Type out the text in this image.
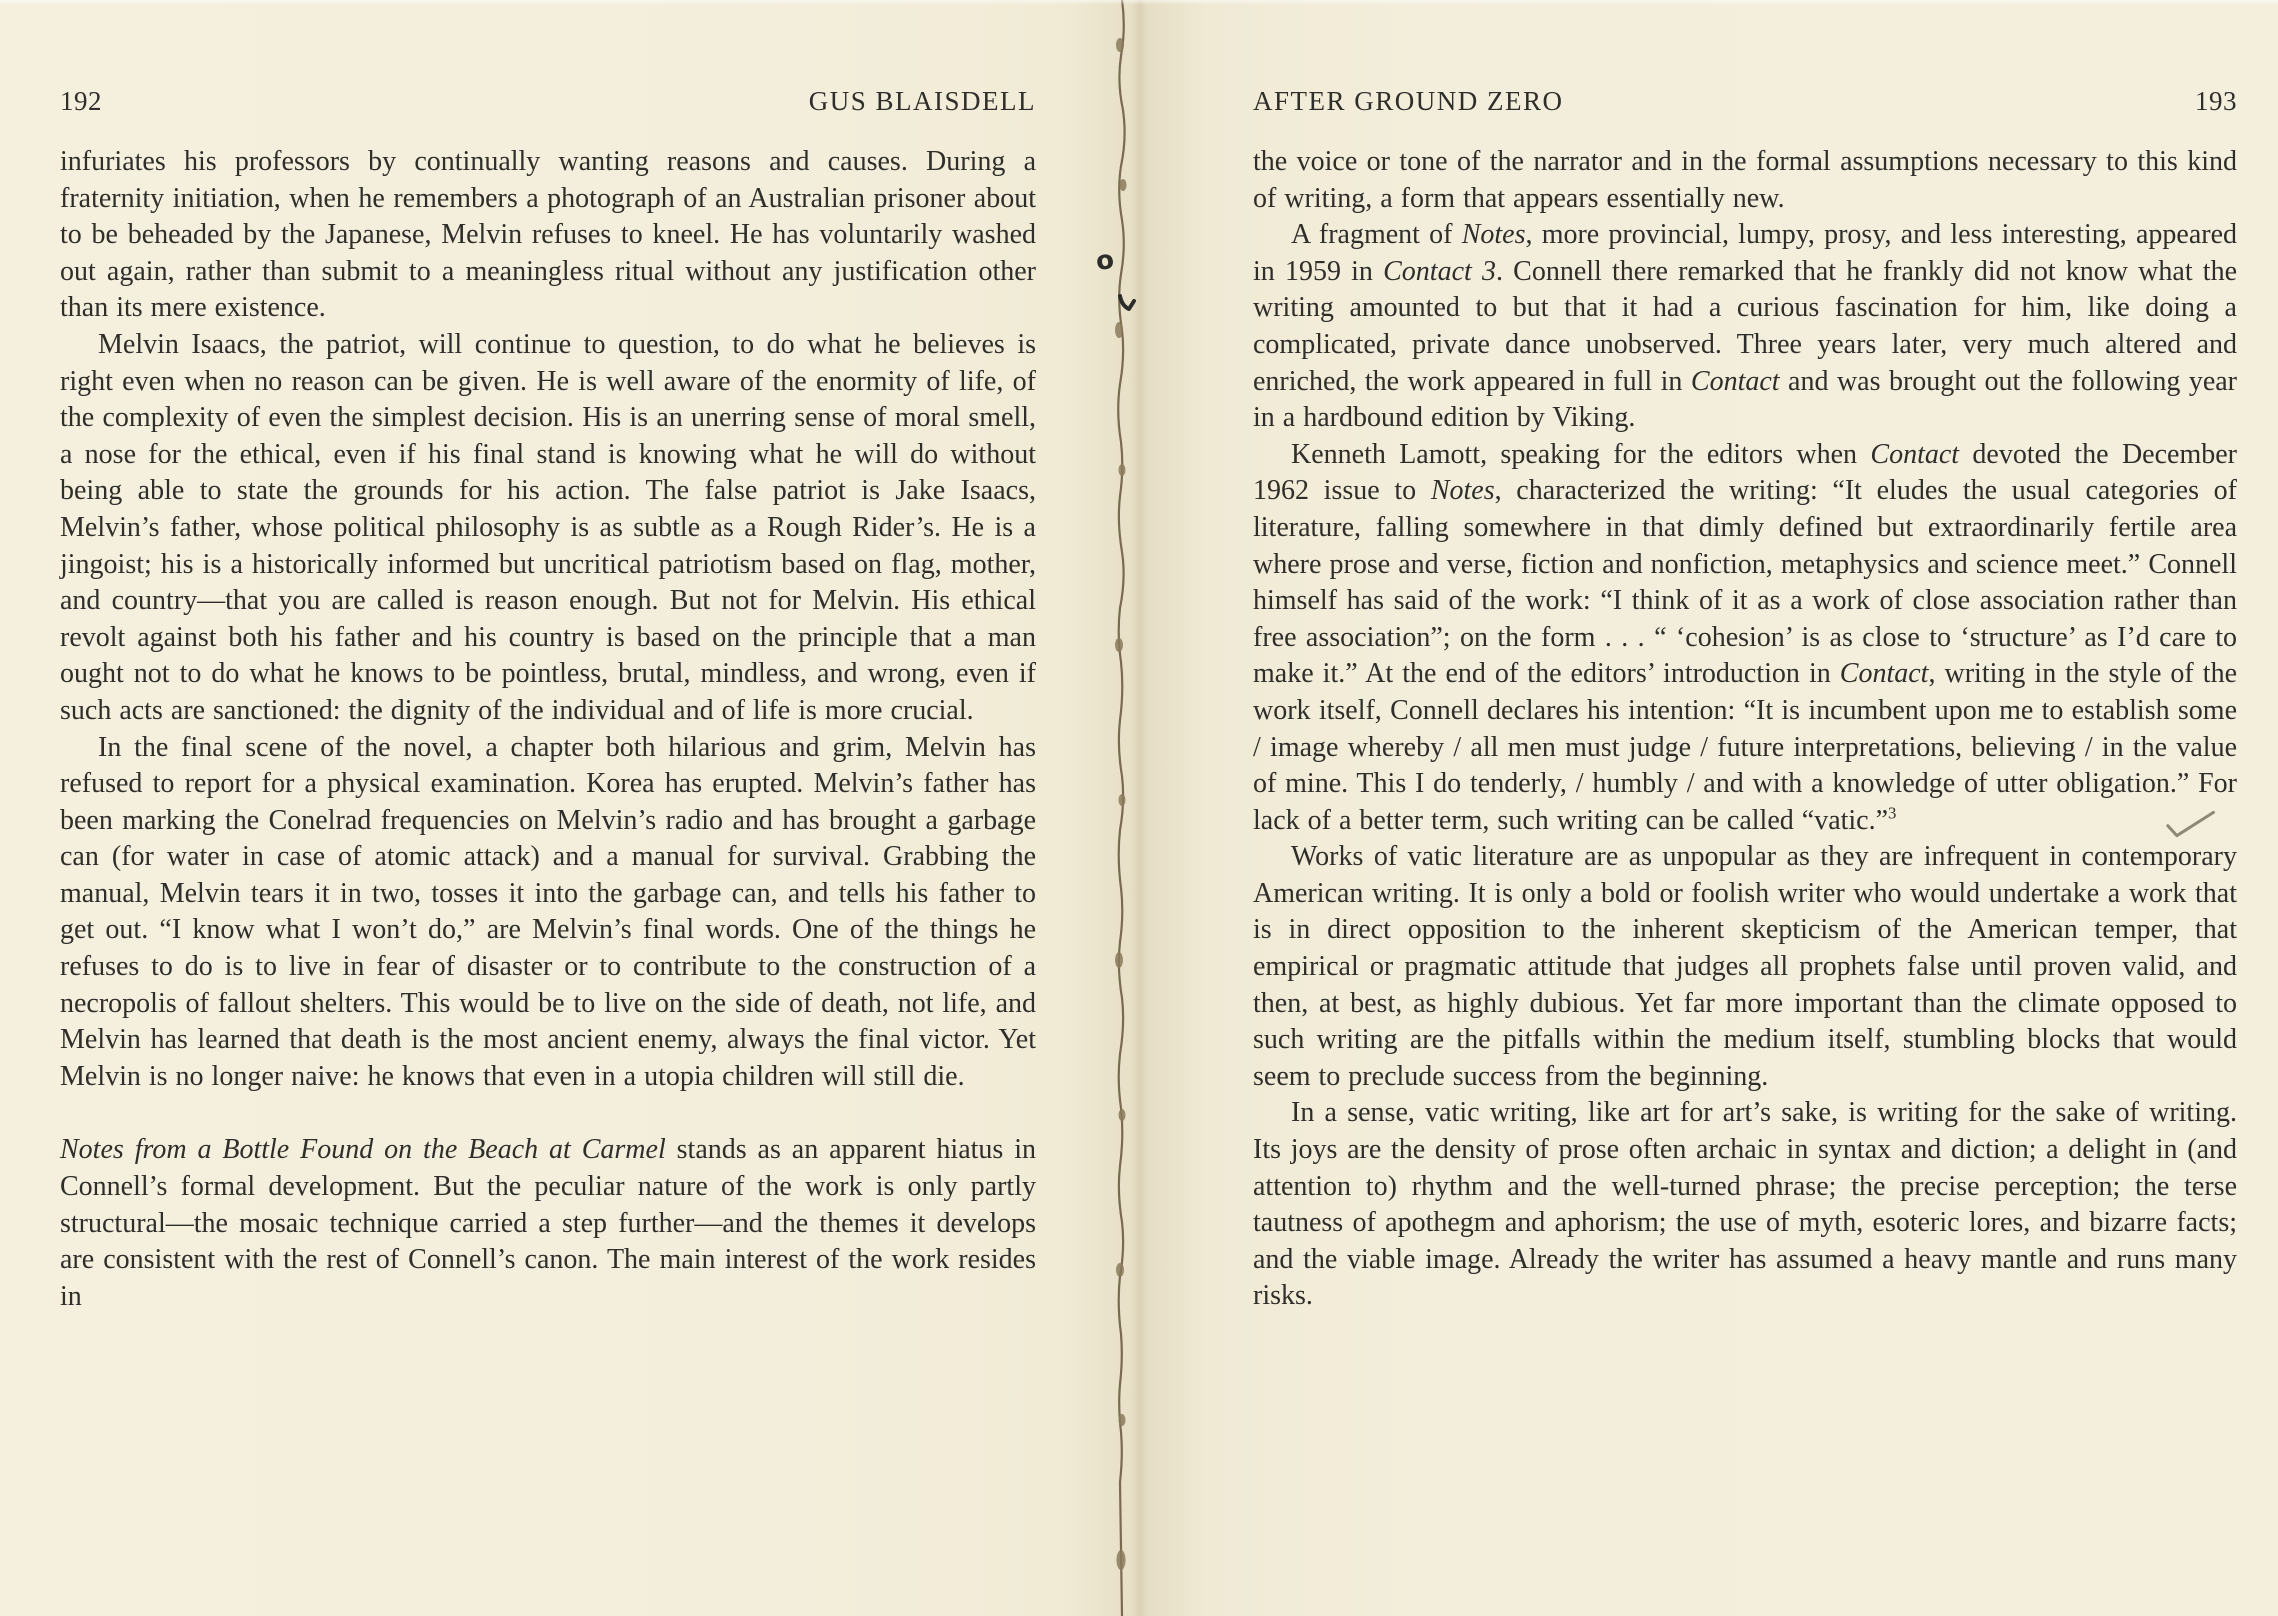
192	GUS BLAISDELL

infuriates his professors by continually wanting reasons and causes. During a fraternity initiation, when he remembers a photograph of an Australian prisoner about to be beheaded by the Japanese, Melvin refuses to kneel. He has voluntarily washed out again, rather than submit to a meaningless ritual without any justification other than its mere existence.

Melvin Isaacs, the patriot, will continue to question, to do what he believes is right even when no reason can be given. He is well aware of the enormity of life, of the complexity of even the simplest decision. His is an unerring sense of moral smell, a nose for the ethical, even if his final stand is knowing what he will do without being able to state the grounds for his action. The false patriot is Jake Isaacs, Melvin’s father, whose political philosophy is as subtle as a Rough Rider’s. He is a jingoist; his is a historically informed but uncritical patriotism based on flag, mother, and country—that you are called is reason enough. But not for Melvin. His ethical revolt against both his father and his country is based on the principle that a man ought not to do what he knows to be pointless, brutal, mindless, and wrong, even if such acts are sanctioned: the dignity of the individual and of life is more crucial.

In the final scene of the novel, a chapter both hilarious and grim, Melvin has refused to report for a physical examination. Korea has erupted. Melvin’s father has been marking the Conelrad frequencies on Melvin’s radio and has brought a garbage can (for water in case of atomic attack) and a manual for survival. Grabbing the manual, Melvin tears it in two, tosses it into the garbage can, and tells his father to get out. “I know what I won’t do,” are Melvin’s final words. One of the things he refuses to do is to live in fear of disaster or to contribute to the construction of a necropolis of fallout shelters. This would be to live on the side of death, not life, and Melvin has learned that death is the most ancient enemy, always the final victor. Yet Melvin is no longer naive: he knows that even in a utopia children will still die.

Notes from a Bottle Found on the Beach at Carmel stands as an apparent hiatus in Connell’s formal development. But the peculiar nature of the work is only partly structural—the mosaic technique carried a step further—and the themes it develops are consistent with the rest of Connell’s canon. The main interest of the work resides in

AFTER GROUND ZERO	193

the voice or tone of the narrator and in the formal assumptions necessary to this kind of writing, a form that appears essentially new.

A fragment of Notes, more provincial, lumpy, prosy, and less interesting, appeared in 1959 in Contact 3. Connell there remarked that he frankly did not know what the writing amounted to but that it had a curious fascination for him, like doing a complicated, private dance unobserved. Three years later, very much altered and enriched, the work appeared in full in Contact and was brought out the following year in a hardbound edition by Viking.

Kenneth Lamott, speaking for the editors when Contact devoted the December 1962 issue to Notes, characterized the writing: “It eludes the usual categories of literature, falling somewhere in that dimly defined but extraordinarily fertile area where prose and verse, fiction and nonfiction, metaphysics and science meet.” Connell himself has said of the work: “I think of it as a work of close association rather than free association”; on the form . . . “ ‘cohesion’ is as close to ‘structure’ as I’d care to make it.” At the end of the editors’ introduction in Contact, writing in the style of the work itself, Connell declares his intention: “It is incumbent upon me to establish some / image whereby / all men must judge / future interpretations, believing / in the value of mine. This I do tenderly, / humbly / and with a knowledge of utter obligation.” For lack of a better term, such writing can be called “vatic.”$^3$

Works of vatic literature are as unpopular as they are infrequent in contemporary American writing. It is only a bold or foolish writer who would undertake a work that is in direct opposition to the inherent skepticism of the American temper, that empirical or pragmatic attitude that judges all prophets false until proven valid, and then, at best, as highly dubious. Yet far more important than the climate opposed to such writing are the pitfalls within the medium itself, stumbling blocks that would seem to preclude success from the beginning.

In a sense, vatic writing, like art for art’s sake, is writing for the sake of writing. Its joys are the density of prose often archaic in syntax and diction; a delight in (and attention to) rhythm and the well-turned phrase; the precise perception; the terse tautness of apothegm and aphorism; the use of myth, esoteric lores, and bizarre facts; and the viable image. Already the writer has assumed a heavy mantle and runs many risks.

o
